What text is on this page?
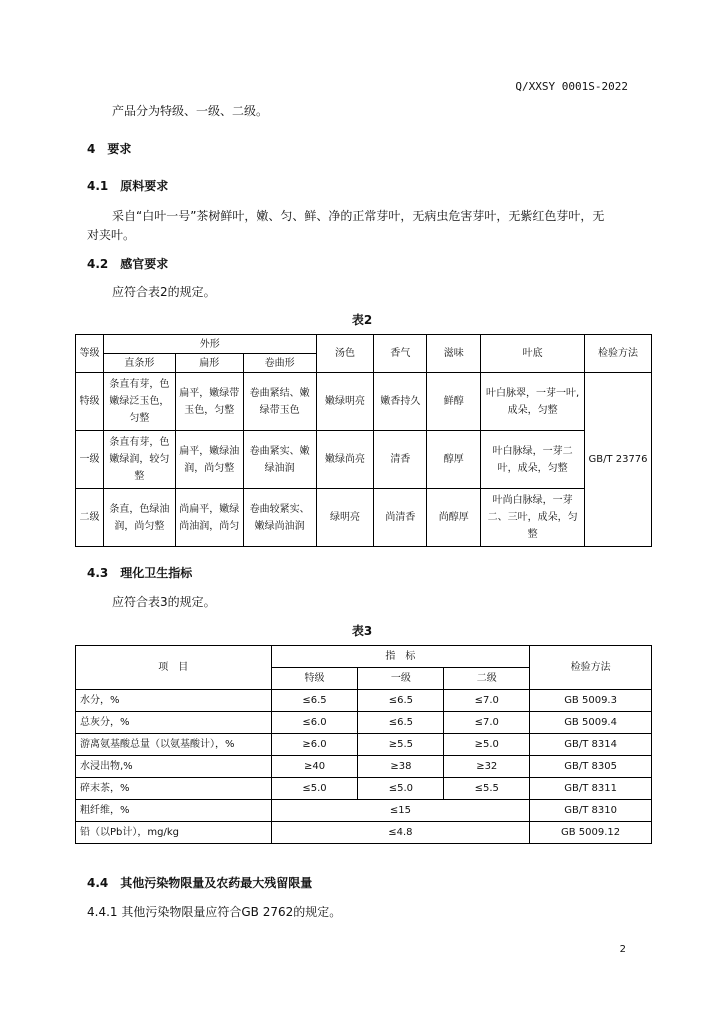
Q/XXSY 0001S-2022
产品分为特级、一级、二级。
4　要求
4.1　原料要求
采自“白叶一号”茶树鲜叶，嫩、匀、鲜、净的正常芽叶，无病虫危害芽叶，无紫红色芽叶，无
对夹叶。
4.2　感官要求
应符合表2的规定。
表2
等级	外形			汤色	香气	滋味	叶底	检验方法
	直条形	扁形	卷曲形					
特级	条直有芽，色嫩绿泛玉色，匀整	扁平，嫩绿带玉色，匀整	卷曲紧结、嫩绿带玉色	嫩绿明亮	嫩香持久	鲜醇	叶白脉翠，一芽一叶,成朵，匀整	GB/T 23776
一级	条直有芽，色嫩绿润，较匀整	扁平，嫩绿油润，尚匀整	卷曲紧实、嫩绿油润	嫩绿尚亮	清香	醇厚	叶白脉绿，一芽二叶，成朵，匀整	
二级	条直，色绿油润，尚匀整	尚扁平，嫩绿尚油润，尚匀	卷曲较紧实、嫩绿尚油润	绿明亮	尚清香	尚醇厚	叶尚白脉绿，一芽二、三叶，成朵，匀整	
4.3　理化卫生指标
应符合表3的规定。
表3
项　目	指　标			检验方法
	特级	一级	二级	
水分，%	≤6.5	≤6.5	≤7.0	GB 5009.3
总灰分，%	≤6.0	≤6.5	≤7.0	GB 5009.4
游离氨基酸总量（以氨基酸计），%	≥6.0	≥5.5	≥5.0	GB/T 8314
水浸出物,%	≥40	≥38	≥32	GB/T 8305
碎末茶，%	≤5.0	≤5.0	≤5.5	GB/T 8311
粗纤维，%	≤15			GB/T 8310
铅（以Pb计），mg/kg	≤4.8			GB 5009.12
4.4　其他污染物限量及农药最大残留限量
4.4.1 其他污染物限量应符合GB 2762的规定。
2
